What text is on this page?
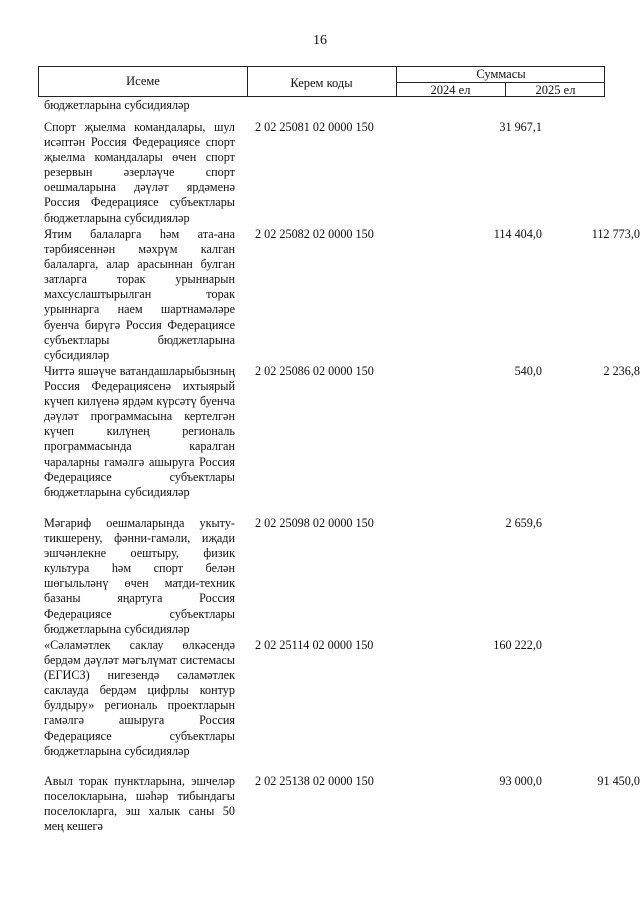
16
Исеме	Керем коды
Суммасы
2024 ел	2025 ел
бюджетларына субсидияләр
Спорт җыелма командалары, шул исәптән Россия Федерациясе спорт җыелма командалары өчен спорт резервын әзерләүче спорт оешмаларына дәүләт ярдәменә Россия Федерациясе субъектлары бюджетларына субсидияләр
2 02 25081 02 0000 150	31 967,1
Ятим балаларга һәм ата-ана тәрбиясеннән мәхрүм калган балаларга, алар арасыннан булган затларга торак урыннарын махсуслаштырылган торак урыннарга наем шартнамәләре буенча бирүгә Россия Федерациясе субъектлары бюджетларына субсидияләр
2 02 25082 02 0000 150	114 404,0	112 773,0
Читтә яшәүче ватандашларыбызның Россия Федерациясенә ихтыярый күчеп килүенә ярдәм күрсәтү буенча дәүләт программасына кертелгән күчеп килүнең региональ программасында каралган чараларны гамәлгә ашыруга Россия Федерациясе субъектлары бюджетларына субсидияләр
2 02 25086 02 0000 150	540,0	2 236,8
Мәгариф оешмаларында укыту-тикшерену, фәнни-гамәли, иҗади эшчәнлекне оештыру, физик культура һәм спорт белән шөгыльләнү өчен матди-техник базаны яңартуга Россия Федерациясе субъектлары бюджетларына субсидияләр
2 02 25098 02 0000 150	2 659,6
«Сәламәтлек саклау өлкәсендә бердәм дәүләт мәгълүмат системасы (ЕГИСЗ) нигезендә сәламәтлек саклауда бердәм цифрлы контур булдыру» региональ проектларын гамәлгә ашыруга Россия Федерациясе субъектлары бюджетларына субсидияләр
2 02 25114 02 0000 150	160 222,0
Авыл торак пунктларына, эшчеләр поселокларына, шәһәр тибындагы поселокларга, эш халык саны 50 мең кешегә
2 02 25138 02 0000 150	93 000,0	91 450,0
